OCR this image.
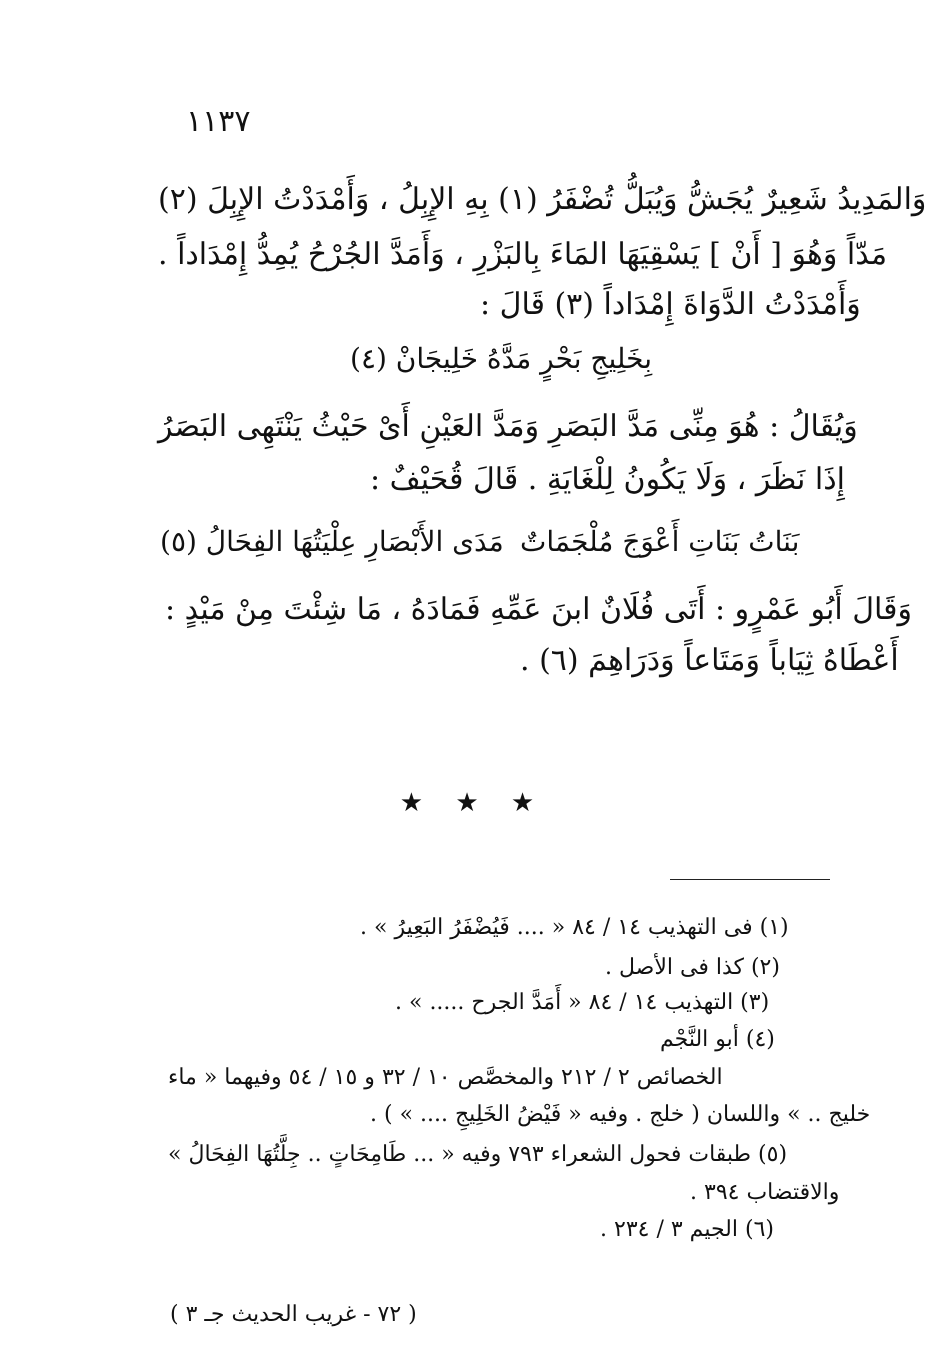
١١٣٧
وَالمَدِيدُ شَعِيرٌ يُجَشُّ وَيُبَلُّ تُضْفَرُ (١) بِهِ الإِبِلُ ، وَأَمْدَدْتُ الإِبِلَ (٢)
مَدّاً وَهُوَ [ أَنْ ] يَسْقِيَهَا المَاءَ بِالبَزْرِ ، وَأَمَدَّ الجُرْحُ يُمِدُّ إِمْدَاداً .
وَأَمْدَدْتُ الدَّوَاةَ إِمْدَاداً (٣) قَالَ :
بِخَلِيجِ بَحْرٍ مَدَّهُ خَلِيجَانْ (٤)
وَيُقَالُ : هُوَ مِنِّى مَدَّ البَصَرِ وَمَدَّ العَيْنِ أَىْ حَيْثُ يَنْتَهِى البَصَرُ
إِذَا نَظَرَ ، وَلَا يَكُونُ لِلْغَايَةِ . قَالَ قُحَيْفٌ :
بَنَاتُ بَنَاتِ أَعْوَجَ مُلْجَمَاتٌ
مَدَى الأَبْصَارِ عِلْيَتُهَا الفِحَالُ (٥)
وَقَالَ أَبُو عَمْرٍو : أَتَى فُلَانٌ ابنَ عَمِّهِ فَمَادَهُ ، مَا شِئْتَ مِنْ مَيْدٍ :
أَعْطَاهُ ثِيَاباً وَمَتَاعاً وَدَرَاهِمَ (٦) .
★ ★ ★
(١) فى التهذيب ١٤ / ٨٤ « .... فَيُضْفَرُ البَعِيرُ » .
(٢) كذا فى الأصل .
(٣) التهذيب ١٤ / ٨٤ « أَمَدَّ الجرح ..... » .
(٤) أبو النَّجْم
الخصائص ٢ / ٢١٢ والمخصَّص ١٠ / ٣٢ و ١٥ / ٥٤ وفيهما « ماء
خليج .. » واللسان ( خلج . وفيه « فَيْضُ الخَلِيجِ .... » ) .
(٥) طبقات فحول الشعراء ٧٩٣ وفيه « ... طَامِحَاتٍ .. جِلَّتُهَا الفِحَالُ »
والاقتضاب ٣٩٤ .
(٦) الجيم ٣ / ٢٣٤ .
( ٧٢ - غريب الحديث جـ ٣ )
